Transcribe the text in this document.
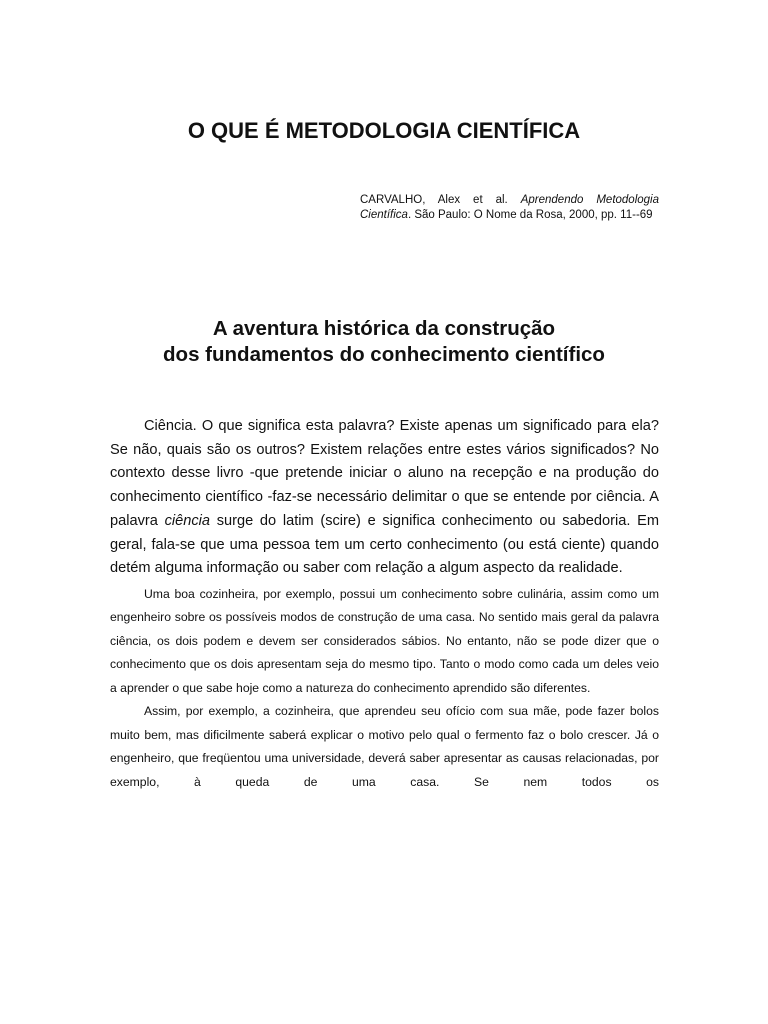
O QUE É METODOLOGIA CIENTÍFICA

CARVALHO, Alex et al. Aprendendo Metodologia Científica. São Paulo: O Nome da Rosa, 2000, pp. 11--69

A aventura histórica da construção
dos fundamentos do conhecimento científico

Ciência. O que significa esta palavra? Existe apenas um significado para ela? Se não, quais são os outros? Existem relações entre estes vários significados? No contexto desse livro -que pretende iniciar o aluno na recepção e na produção do conhecimento científico -faz-se necessário delimitar o que se entende por ciência. A palavra ciência surge do latim (scire) e significa conhecimento ou sabedoria. Em geral, fala-se que uma pessoa tem um certo conhecimento (ou está ciente) quando detém alguma informação ou saber com relação a algum aspecto da realidade.

Uma boa cozinheira, por exemplo, possui um conhecimento sobre culinária, assim como um engenheiro sobre os possíveis modos de construção de uma casa. No sentido mais geral da palavra ciência, os dois podem e devem ser considerados sábios. No entanto, não se pode dizer que o conhecimento que os dois apresentam seja do mesmo tipo. Tanto o modo como cada um deles veio a aprender o que sabe hoje como a natureza do conhecimento aprendido são diferentes.

Assim, por exemplo, a cozinheira, que aprendeu seu ofício com sua mãe, pode fazer bolos muito bem, mas dificilmente saberá explicar o motivo pelo qual o fermento faz o bolo crescer. Já o engenheiro, que freqüentou uma universidade, deverá saber apresentar as causas relacionadas, por exemplo, à queda de uma casa. Se nem todos os
